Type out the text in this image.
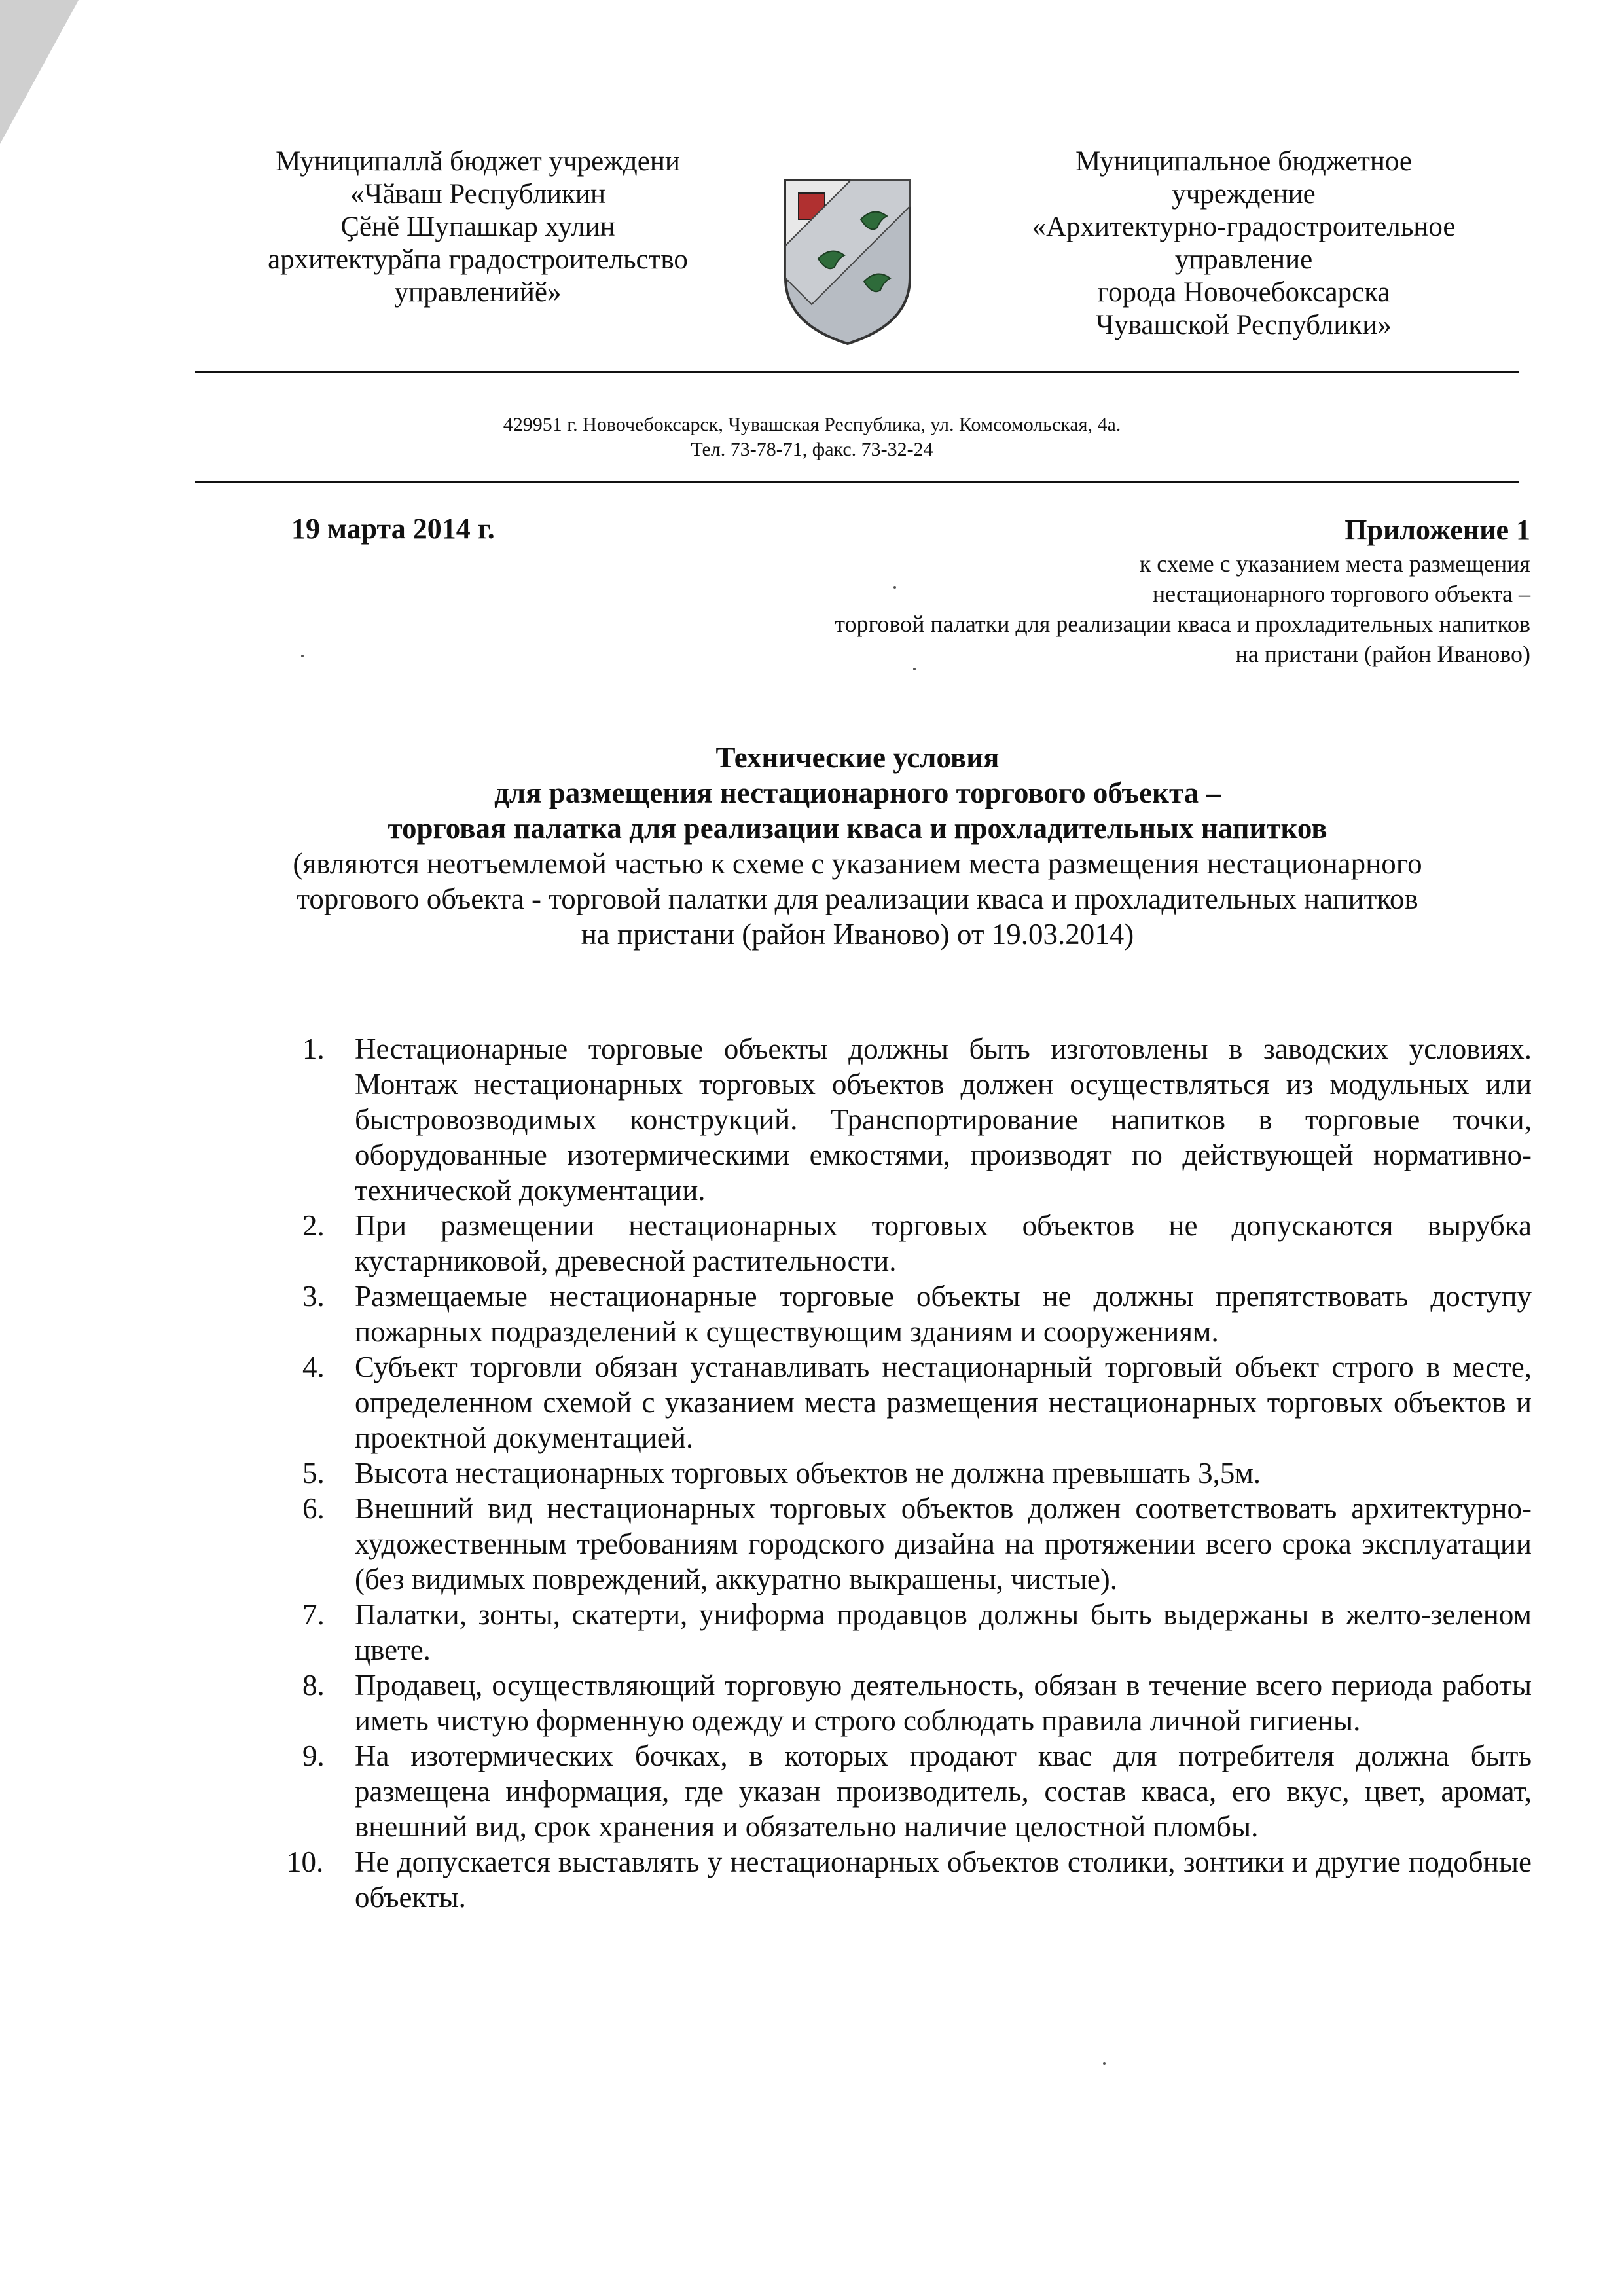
Муниципаллӑ бюджет учреждени
«Чӑваш Республикин
Ҫӗнӗ Шупашкар хулин
архитектурӑпа градостроительство
управленийӗ»
Муниципальное бюджетное
учреждение
«Архитектурно-градостроительное
управление
города Новочебоксарска
Чувашской Республики»
429951 г. Новочебоксарск, Чувашская Республика, ул. Комсомольская, 4а.
Тел. 73-78-71, факс. 73-32-24
19 марта 2014 г.	Приложение 1
к схеме с указанием места размещения
нестационарного торгового объекта –
торговой палатки для реализации кваса и прохладительных напитков
на пристани (район Иваново)
Технические условия
для размещения нестационарного торгового объекта –
торговая палатка для реализации кваса и прохладительных напитков
(являются неотъемлемой частью к схеме с указанием места размещения нестационарного
торгового объекта - торговой палатки для реализации кваса и прохладительных напитков
на пристани (район Иваново) от 19.03.2014)
1. Нестационарные торговые объекты должны быть изготовлены в заводских условиях. Монтаж нестационарных торговых объектов должен осуществляться из модульных или быстровозводимых конструкций. Транспортирование напитков в торговые точки, оборудованные изотермическими емкостями, производят по действующей нормативно-технической документации.
2. При размещении нестационарных торговых объектов не допускаются вырубка кустарниковой, древесной растительности.
3. Размещаемые нестационарные торговые объекты не должны препятствовать доступу пожарных подразделений к существующим зданиям и сооружениям.
4. Субъект торговли обязан устанавливать нестационарный торговый объект строго в месте, определенном схемой с указанием места размещения нестационарных торговых объектов и проектной документацией.
5. Высота нестационарных торговых объектов не должна превышать 3,5м.
6. Внешний вид нестационарных торговых объектов должен соответствовать архитектурно-художественным требованиям городского дизайна на протяжении всего срока эксплуатации (без видимых повреждений, аккуратно выкрашены, чистые).
7. Палатки, зонты, скатерти, униформа продавцов должны быть выдержаны в желто-зеленом цвете.
8. Продавец, осуществляющий торговую деятельность, обязан в течение всего периода работы иметь чистую форменную одежду и строго соблюдать правила личной гигиены.
9. На изотермических бочках, в которых продают квас для потребителя должна быть размещена информация, где указан производитель, состав кваса, его вкус, цвет, аромат, внешний вид, срок хранения и обязательно наличие целостной пломбы.
10. Не допускается выставлять у нестационарных объектов столики, зонтики и другие подобные объекты.
